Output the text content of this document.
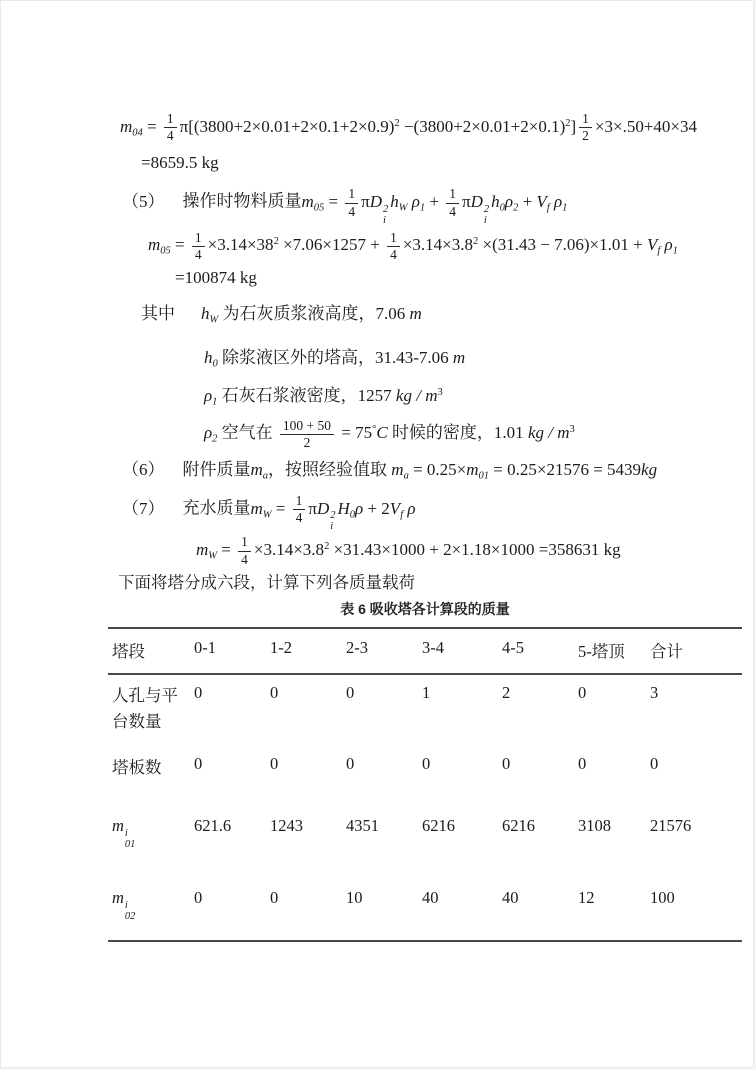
$m_{04} = \frac{1}{4} \pi[(3800+2\times 0.01+2\times 0.1+2\times 0.9)^2 -(3800+2\times 0.01+2\times 0.1)^2] \frac{1}{2} \times 3\times.50+40\times 34$
=8659.5 kg
（5） 操作时物料质量$m_{05} = \frac{1}{4}$ πD 2
i
$h_W$ $\rho_1 + \frac{1}{4}$ πD 2
i
$h_0\rho_2 + V_f$ $\rho_1$
$m_{05} = \frac{1}{4} \times 3.14\times 38^2 \times 7.06\times 1257 + \frac{1}{4} \times 3.14\times 3.8^2 \times(31.43 - 7.06)\times 1.01 + V_f$ $\rho_1$
=100874 kg
其中 $h_W$ 为石灰质浆液高度，7.06 m
$h_0$ 除浆液区外的塔高，31.43-7.06 m
$\rho_1$ 石灰石浆液密度，1257 kg / $m^3$
$\rho_2$ 空气在 $\frac{100 + 50}{2} = 75^\circ C$ 时候的密度，1.01 kg / $m^3$
（6） 附件质量$m_a$，按照经验值取 $m_a = 0.25\times m_{01} = 0.25\times 21576 = 5439kg$
（7） 充水质量$m_W = \frac{1}{4}$ πD 2
i
$H_0\rho + 2V_f$ ρ
$m_W = \frac{1}{4} \times 3.14\times 3.8^2 \times 31.43\times 1000 + 2\times 1.18\times 1000 =358631$ kg
下面将塔分成六段，计算下列各质量载荷
表 6 吸收塔各计算段的质量
塔段	0-1	1-2	2-3	3-4	4-5	5-塔顶	合计
人孔与平台数量	0	0	0	1	2	0	3
塔板数	0	0	0	0	0	0	0
m i
01	621.6	1243	4351	6216	6216	3108	21576
m i
02	0	0	10	40	40	12	100
